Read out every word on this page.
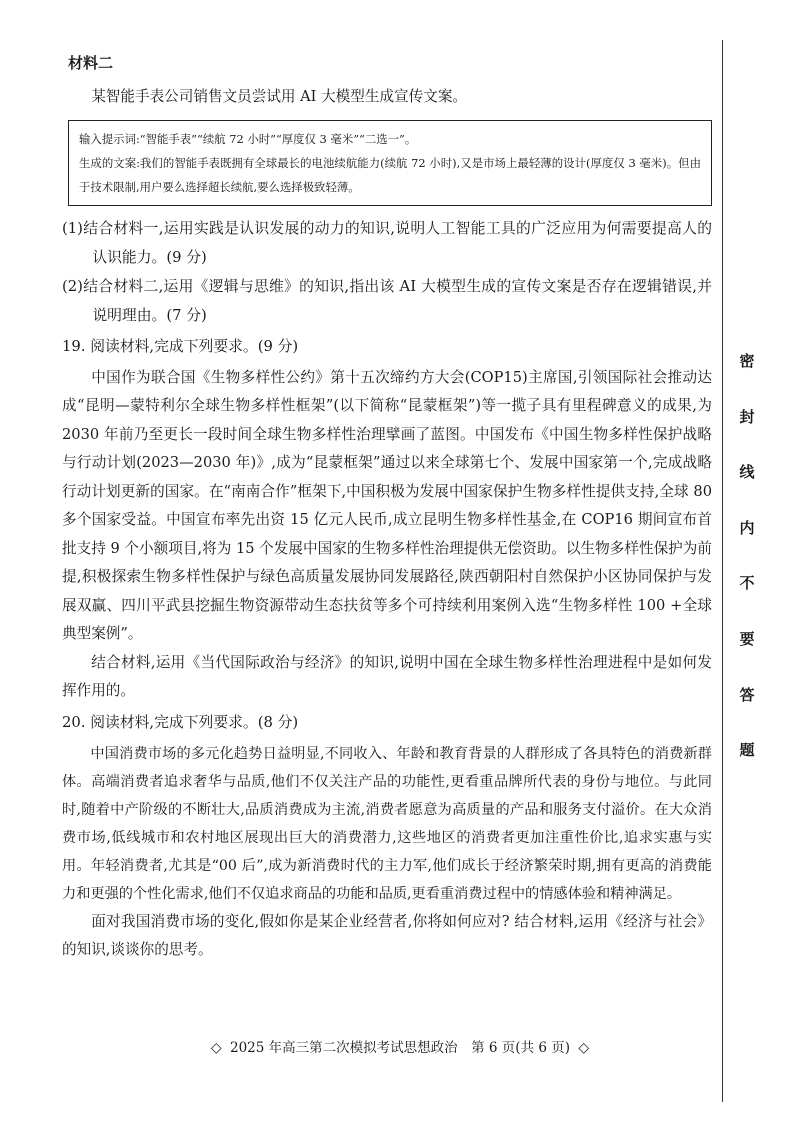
材料二

某智能手表公司销售文员尝试用 AI 大模型生成宣传文案。

输入提示词:“智能手表”“续航 72 小时”“厚度仅 3 毫米”“二选一”。

生成的文案:我们的智能手表既拥有全球最长的电池续航能力(续航 72 小时),又是市场上最轻薄的设计(厚度仅 3 毫米)。但由于技术限制,用户要么选择超长续航,要么选择极致轻薄。

(1)结合材料一,运用实践是认识发展的动力的知识,说明人工智能工具的广泛应用为何需要提高人的认识能力。(9 分)

(2)结合材料二,运用《逻辑与思维》的知识,指出该 AI 大模型生成的宣传文案是否存在逻辑错误,并说明理由。(7 分)

19. 阅读材料,完成下列要求。(9 分)

中国作为联合国《生物多样性公约》第十五次缔约方大会(COP15)主席国,引领国际社会推动达成“昆明—蒙特利尔全球生物多样性框架”(以下简称“昆蒙框架”)等一揽子具有里程碑意义的成果,为 2030 年前乃至更长一段时间全球生物多样性治理擘画了蓝图。中国发布《中国生物多样性保护战略与行动计划(2023—2030 年)》,成为“昆蒙框架”通过以来全球第七个、发展中国家第一个,完成战略行动计划更新的国家。在“南南合作”框架下,中国积极为发展中国家保护生物多样性提供支持,全球 80 多个国家受益。中国宣布率先出资 15 亿元人民币,成立昆明生物多样性基金,在 COP16 期间宣布首批支持 9 个小额项目,将为 15 个发展中国家的生物多样性治理提供无偿资助。以生物多样性保护为前提,积极探索生物多样性保护与绿色高质量发展协同发展路径,陕西朝阳村自然保护小区协同保护与发展双赢、四川平武县挖掘生物资源带动生态扶贫等多个可持续利用案例入选“生物多样性 100 +全球典型案例”。

结合材料,运用《当代国际政治与经济》的知识,说明中国在全球生物多样性治理进程中是如何发挥作用的。

20. 阅读材料,完成下列要求。(8 分)

中国消费市场的多元化趋势日益明显,不同收入、年龄和教育背景的人群形成了各具特色的消费新群体。高端消费者追求奢华与品质,他们不仅关注产品的功能性,更看重品牌所代表的身份与地位。与此同时,随着中产阶级的不断壮大,品质消费成为主流,消费者愿意为高质量的产品和服务支付溢价。在大众消费市场,低线城市和农村地区展现出巨大的消费潜力,这些地区的消费者更加注重性价比,追求实惠与实用。年轻消费者,尤其是“00 后”,成为新消费时代的主力军,他们成长于经济繁荣时期,拥有更高的消费能力和更强的个性化需求,他们不仅追求商品的功能和品质,更看重消费过程中的情感体验和精神满足。

面对我国消费市场的变化,假如你是某企业经营者,你将如何应对? 结合材料,运用《经济与社会》的知识,谈谈你的思考。

密
封
线
内
不
要
答
题
◇ 2025 年高三第二次模拟考试思想政治　第 6 页(共 6 页) ◇
